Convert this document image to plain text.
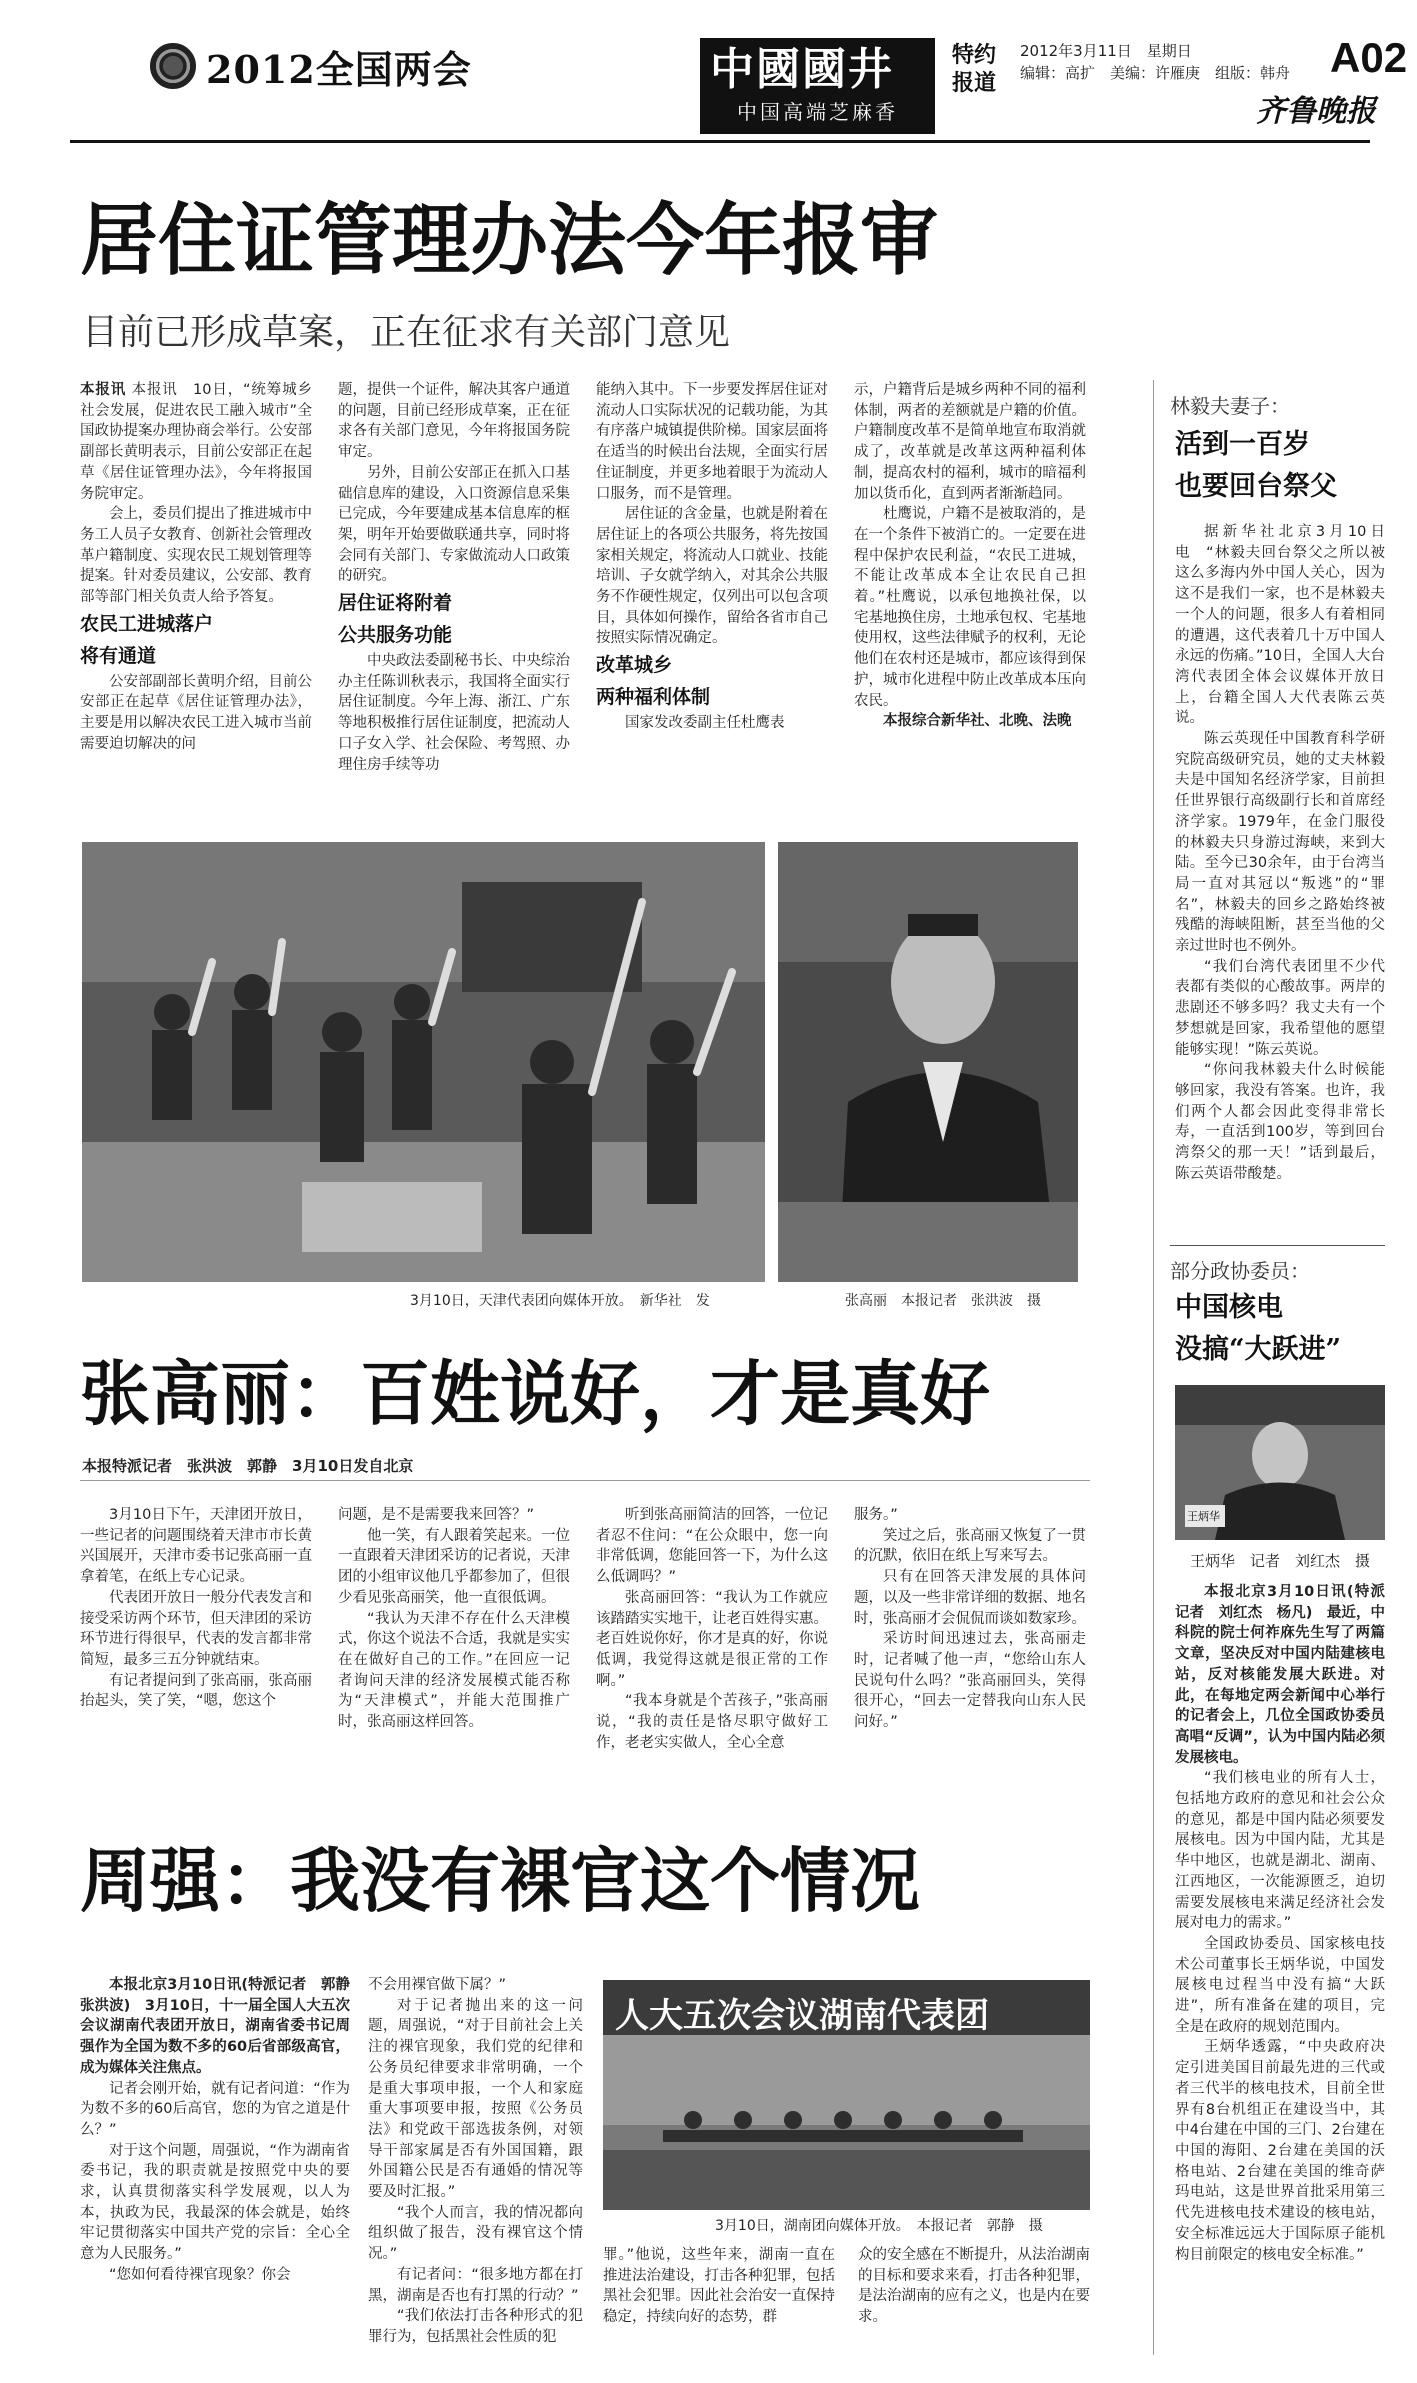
2012全国两会	中國國井
中国高端芝麻香
特约
报道
2012年3月11日　星期日
编辑：高扩　美编：许雁庚　组版：韩舟 A02
齐鲁晚报
居住证管理办法今年报审
目前已形成草案，正在征求有关部门意见

本报讯 本报讯　10日，“统筹城乡社会发展，促进农民工融入城市”全国政协提案办理协商会举行。公安部副部长黄明表示，目前公安部正在起草《居住证管理办法》，今年将报国务院审定。

会上，委员们提出了推进城市中务工人员子女教育、创新社会管理改革户籍制度、实现农民工规划管理等提案。针对委员建议，公安部、教育部等部门相关负责人给予答复。

农民工进城落户

将有通道

公安部副部长黄明介绍，目前公安部正在起草《居住证管理办法》，主要是用以解决农民工进入城市当前需要迫切解决的问

题，提供一个证件，解决其客户通道的问题，目前已经形成草案，正在征求各有关部门意见，今年将报国务院审定。

另外，目前公安部正在抓入口基础信息库的建设，入口资源信息采集已完成，今年要建成基本信息库的框架，明年开始要做联通共享，同时将会同有关部门、专家做流动人口政策的研究。

居住证将附着

公共服务功能

中央政法委副秘书长、中央综治办主任陈训秋表示，我国将全面实行居住证制度。今年上海、浙江、广东等地积极推行居住证制度，把流动人口子女入学、社会保险、考驾照、办理住房手续等功

能纳入其中。下一步要发挥居住证对流动人口实际状况的记载功能，为其有序落户城镇提供阶梯。国家层面将在适当的时候出台法规，全面实行居住证制度，并更多地着眼于为流动人口服务，而不是管理。

居住证的含金量，也就是附着在居住证上的各项公共服务，将先按国家相关规定，将流动人口就业、技能培训、子女就学纳入，对其余公共服务不作硬性规定，仅列出可以包含项目，具体如何操作，留给各省市自己按照实际情况确定。

改革城乡

两种福利体制

国家发改委副主任杜鹰表

示，户籍背后是城乡两种不同的福利体制，两者的差额就是户籍的价值。户籍制度改革不是简单地宣布取消就成了，改革就是改革这两种福利体制，提高农村的福利，城市的暗福利加以货币化，直到两者渐渐趋同。

杜鹰说，户籍不是被取消的，是在一个条件下被消亡的。一定要在进程中保护农民利益，“农民工进城，不能让改革成本全让农民自己担着。”杜鹰说，以承包地换社保，以宅基地换住房，土地承包权、宅基地使用权，这些法律赋予的权利，无论他们在农村还是城市，都应该得到保护，城市化进程中防止改革成本压向农民。

本报综合新华社、北晚、法晚

3月10日，天津代表团向媒体开放。　新华社　发	张高丽　本报记者　张洪波　摄
张高丽：百姓说好，才是真好
本报特派记者　张洪波　郭静　3月10日发自北京

3月10日下午，天津团开放日，一些记者的问题围绕着天津市市长黄兴国展开，天津市委书记张高丽一直拿着笔，在纸上专心记录。

代表团开放日一般分代表发言和接受采访两个环节，但天津团的采访环节进行得很早，代表的发言都非常简短，最多三五分钟就结束。

有记者提问到了张高丽，张高丽抬起头，笑了笑，“嗯，您这个

问题，是不是需要我来回答？”

他一笑，有人跟着笑起来。一位一直跟着天津团采访的记者说，天津团的小组审议他几乎都参加了，但很少看见张高丽笑，他一直很低调。

“我认为天津不存在什么天津模式，你这个说法不合适，我就是实实在在做好自己的工作。”在回应一记者询问天津的经济发展模式能否称为“天津模式”，并能大范围推广时，张高丽这样回答。

听到张高丽简洁的回答，一位记者忍不住问：“在公众眼中，您一向非常低调，您能回答一下，为什么这么低调吗？”

张高丽回答：“我认为工作就应该踏踏实实地干，让老百姓得实惠。老百姓说你好，你才是真的好，你说低调，我觉得这就是很正常的工作啊。”

“我本身就是个苦孩子，”张高丽说，“我的责任是恪尽职守做好工作，老老实实做人，全心全意

服务。”

笑过之后，张高丽又恢复了一贯的沉默，依旧在纸上写来写去。

只有在回答天津发展的具体问题，以及一些非常详细的数据、地名时，张高丽才会侃侃而谈如数家珍。

采访时间迅速过去，张高丽走时，记者喊了他一声，“您给山东人民说句什么吗？”张高丽回头，笑得很开心，“回去一定替我向山东人民问好。”

周强：我没有裸官这个情况

本报北京3月10日讯(特派记者　郭静　张洪波)　3月10日，十一届全国人大五次会议湖南代表团开放日，湖南省委书记周强作为全国为数不多的60后省部级高官，成为媒体关注焦点。

记者会刚开始，就有记者问道：“作为为数不多的60后高官，您的为官之道是什么？”

对于这个问题，周强说，“作为湖南省委书记，我的职责就是按照党中央的要求，认真贯彻落实科学发展观，以人为本，执政为民，我最深的体会就是，始终牢记贯彻落实中国共产党的宗旨：全心全意为人民服务。”

“您如何看待裸官现象？你会

不会用裸官做下属？”

对于记者抛出来的这一问题，周强说，“对于目前社会上关注的裸官现象，我们党的纪律和公务员纪律要求非常明确，一个是重大事项申报，一个人和家庭重大事项要申报，按照《公务员法》和党政干部选拔条例，对领导干部家属是否有外国国籍，跟外国籍公民是否有通婚的情况等要及时汇报。”

“我个人而言，我的情况都向组织做了报告，没有裸官这个情况。”

有记者问：“很多地方都在打黑，湖南是否也有打黑的行动？”

“我们依法打击各种形式的犯罪行为，包括黑社会性质的犯

人大五次会议湖南代表团
3月10日，湖南团向媒体开放。　本报记者　郭静　摄

罪。”他说，这些年来，湖南一直在推进法治建设，打击各种犯罪，包括黑社会犯罪。因此社会治安一直保持稳定，持续向好的态势，群

众的安全感在不断提升，从法治湖南的目标和要求来看，打击各种犯罪，是法治湖南的应有之义，也是内在要求。

林毅夫妻子：
活到一百岁
也要回台祭父

据新华社北京3月10日电　“林毅夫回台祭父之所以被这么多海内外中国人关心，因为这不是我们一家，也不是林毅夫一个人的问题，很多人有着相同的遭遇，这代表着几十万中国人永远的伤痛。”10日，全国人大台湾代表团全体会议媒体开放日上，台籍全国人大代表陈云英说。

陈云英现任中国教育科学研究院高级研究员，她的丈夫林毅夫是中国知名经济学家，目前担任世界银行高级副行长和首席经济学家。1979年，在金门服役的林毅夫只身游过海峡，来到大陆。至今已30余年，由于台湾当局一直对其冠以“叛逃”的“罪名”，林毅夫的回乡之路始终被残酷的海峡阻断，甚至当他的父亲过世时也不例外。

“我们台湾代表团里不少代表都有类似的心酸故事。两岸的悲剧还不够多吗？我丈夫有一个梦想就是回家，我希望他的愿望能够实现！”陈云英说。

“你问我林毅夫什么时候能够回家，我没有答案。也许，我们两个人都会因此变得非常长寿，一直活到100岁，等到回台湾祭父的那一天！”话到最后，陈云英语带酸楚。

部分政协委员：
中国核电
没搞“大跃进”
王炳华
王炳华　记者　刘红杰　摄

本报北京3月10日讯(特派记者　刘红杰　杨凡)　最近，中科院的院士何祚庥先生写了两篇文章，坚决反对中国内陆建核电站，反对核能发展大跃进。对此，在每地定两会新闻中心举行的记者会上，几位全国政协委员高唱“反调”，认为中国内陆必须发展核电。

“我们核电业的所有人士，包括地方政府的意见和社会公众的意见，都是中国内陆必须要发展核电。因为中国内陆，尤其是华中地区，也就是湖北、湖南、江西地区，一次能源匮乏，迫切需要发展核电来满足经济社会发展对电力的需求。”

全国政协委员、国家核电技术公司董事长王炳华说，中国发展核电过程当中没有搞“大跃进”，所有准备在建的项目，完全是在政府的规划范围内。

王炳华透露，“中央政府决定引进美国目前最先进的三代或者三代半的核电技术，目前全世界有8台机组正在建设当中，其中4台建在中国的三门、2台建在中国的海阳、2台建在美国的沃格电站、2台建在美国的维奇萨玛电站，这是世界首批采用第三代先进核电技术建设的核电站，安全标准远远大于国际原子能机构目前限定的核电安全标准。”
